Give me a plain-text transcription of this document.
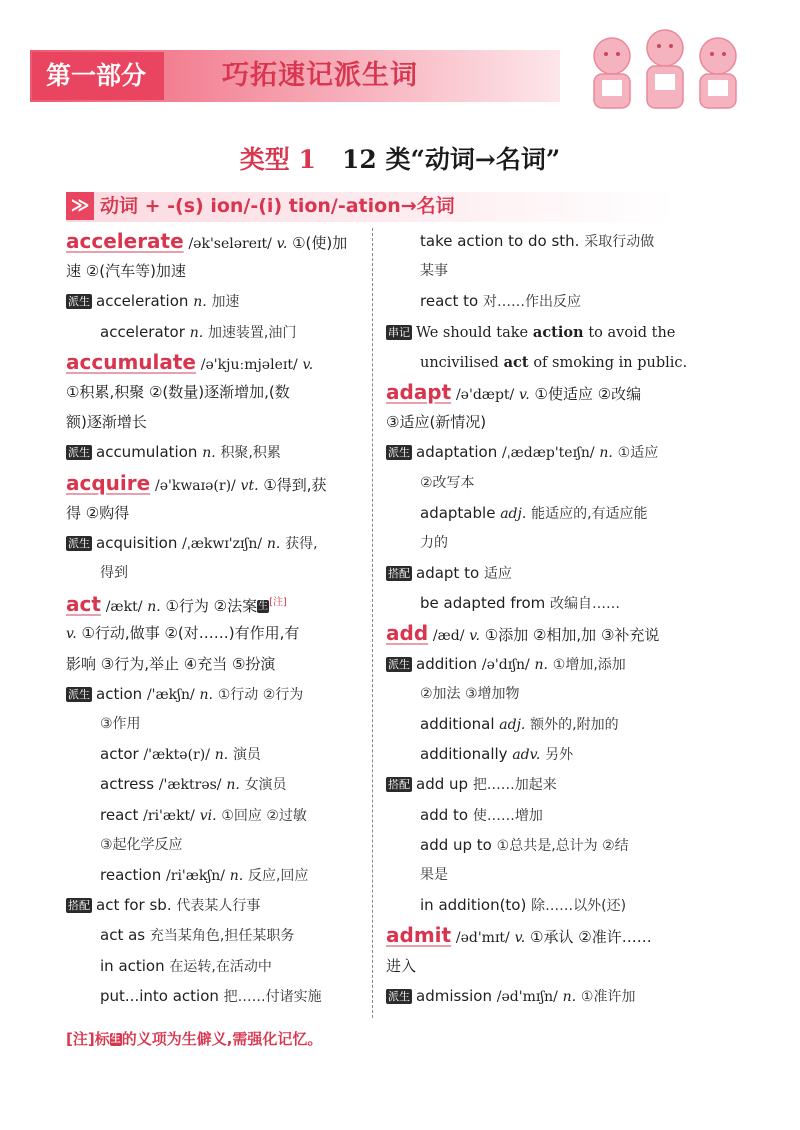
第一部分	巧拓速记派生词
类型 1 12 类“动词→名词”
≫ 动词 + -(s) ion/-(i) tion/-ation→名词
accelerate /ək'seləreɪt/ v. ①(使)加
速 ②(汽车等)加速
派生 acceleration n. 加速
accelerator n. 加速装置,油门
accumulate /ə'kjuːmjəleɪt/ v.
①积累,积聚 ②(数量)逐渐增加,(数
额)逐渐增长
派生 accumulation n. 积聚,积累
acquire /ə'kwaɪə(r)/ vt. ①得到,获
得 ②购得
派生 acquisition /ˌækwɪ'zɪʃn/ n. 获得,
得到
act /ækt/ n. ①行为 ②法案生[注]
v. ①行动,做事 ②(对……)有作用,有
影响 ③行为,举止 ④充当 ⑤扮演
派生 action /'ækʃn/ n. ①行动 ②行为
③作用
actor /'æktə(r)/ n. 演员
actress /'æktrəs/ n. 女演员
react /ri'ækt/ vi. ①回应 ②过敏
③起化学反应
reaction /ri'ækʃn/ n. 反应,回应
搭配 act for sb. 代表某人行事
act as 充当某角色,担任某职务
in action 在运转,在活动中
put...into action 把……付诸实施
take action to do sth. 采取行动做
某事
react to 对……作出反应
串记 We should take action to avoid the
uncivilised act of smoking in public.
adapt /ə'dæpt/ v. ①使适应 ②改编
③适应(新情况)
派生 adaptation /ˌædæp'teɪʃn/ n. ①适应
②改写本
adaptable adj. 能适应的,有适应能
力的
搭配 adapt to 适应
be adapted from 改编自……
add /æd/ v. ①添加 ②相加,加 ③补充说
派生 addition /ə'dɪʃn/ n. ①增加,添加
②加法 ③增加物
additional adj. 额外的,附加的
additionally adv. 另外
搭配 add up 把……加起来
add to 使……增加
add up to ①总共是,总计为 ②结
果是
in addition(to) 除……以外(还)
admit /əd'mɪt/ v. ①承认 ②准许……
进入
派生 admission /əd'mɪʃn/ n. ①准许加
[注]标生的义项为生僻义,需强化记忆。
